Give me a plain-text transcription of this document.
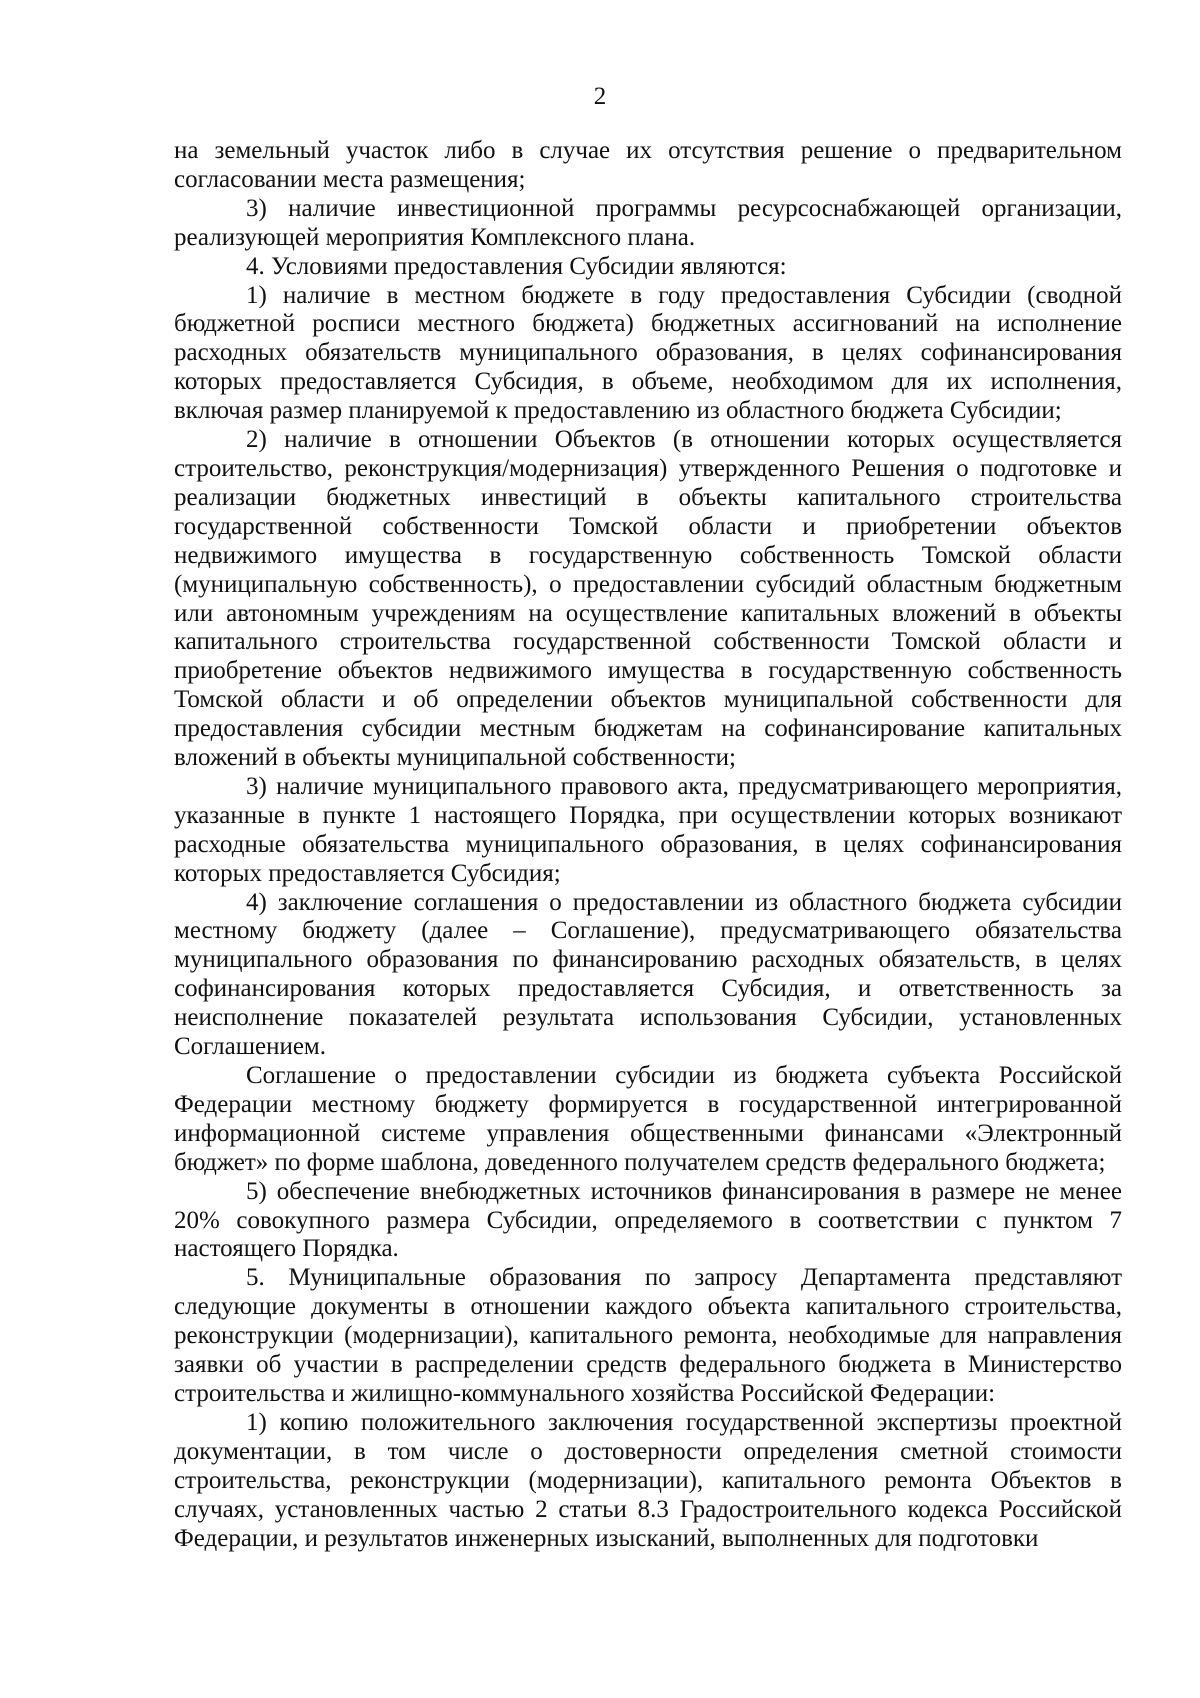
2

на земельный участок либо в случае их отсутствия решение о предварительном согласовании места размещения;

3) наличие инвестиционной программы ресурсоснабжающей организации, реализующей мероприятия Комплексного плана.

4. Условиями предоставления Субсидии являются:

1) наличие в местном бюджете в году предоставления Субсидии (сводной бюджетной росписи местного бюджета) бюджетных ассигнований на исполнение расходных обязательств муниципального образования, в целях софинансирования которых предоставляется Субсидия, в объеме, необходимом для их исполнения, включая размер планируемой к предоставлению из областного бюджета Субсидии;

2) наличие в отношении Объектов (в отношении которых осуществляется строительство, реконструкция/модернизация) утвержденного Решения о подготовке и реализации бюджетных инвестиций в объекты капитального строительства государственной собственности Томской области и приобретении объектов недвижимого имущества в государственную собственность Томской области (муниципальную собственность), о предоставлении субсидий областным бюджетным или автономным учреждениям на осуществление капитальных вложений в объекты капитального строительства государственной собственности Томской области и приобретение объектов недвижимого имущества в государственную собственность Томской области и об определении объектов муниципальной собственности для предоставления субсидии местным бюджетам на софинансирование капитальных вложений в объекты муниципальной собственности;

3) наличие муниципального правового акта, предусматривающего мероприятия, указанные в пункте 1 настоящего Порядка, при осуществлении которых возникают расходные обязательства муниципального образования, в целях софинансирования которых предоставляется Субсидия;

4) заключение соглашения о предоставлении из областного бюджета субсидии местному бюджету (далее – Соглашение), предусматривающего обязательства муниципального образования по финансированию расходных обязательств, в целях софинансирования которых предоставляется Субсидия, и ответственность за неисполнение показателей результата использования Субсидии, установленных Соглашением.

Соглашение о предоставлении субсидии из бюджета субъекта Российской Федерации местному бюджету формируется в государственной интегрированной информационной системе управления общественными финансами «Электронный бюджет» по форме шаблона, доведенного получателем средств федерального бюджета;

5) обеспечение внебюджетных источников финансирования в размере не менее 20% совокупного размера Субсидии, определяемого в соответствии с пунктом 7 настоящего Порядка.

5. Муниципальные образования по запросу Департамента представляют следующие документы в отношении каждого объекта капитального строительства, реконструкции (модернизации), капитального ремонта, необходимые для направления заявки об участии в распределении средств федерального бюджета в Министерство строительства и жилищно-коммунального хозяйства Российской Федерации:

1) копию положительного заключения государственной экспертизы проектной документации, в том числе о достоверности определения сметной стоимости строительства, реконструкции (модернизации), капитального ремонта Объектов в случаях, установленных частью 2 статьи 8.3 Градостроительного кодекса Российской Федерации, и результатов инженерных изысканий, выполненных для подготовки
